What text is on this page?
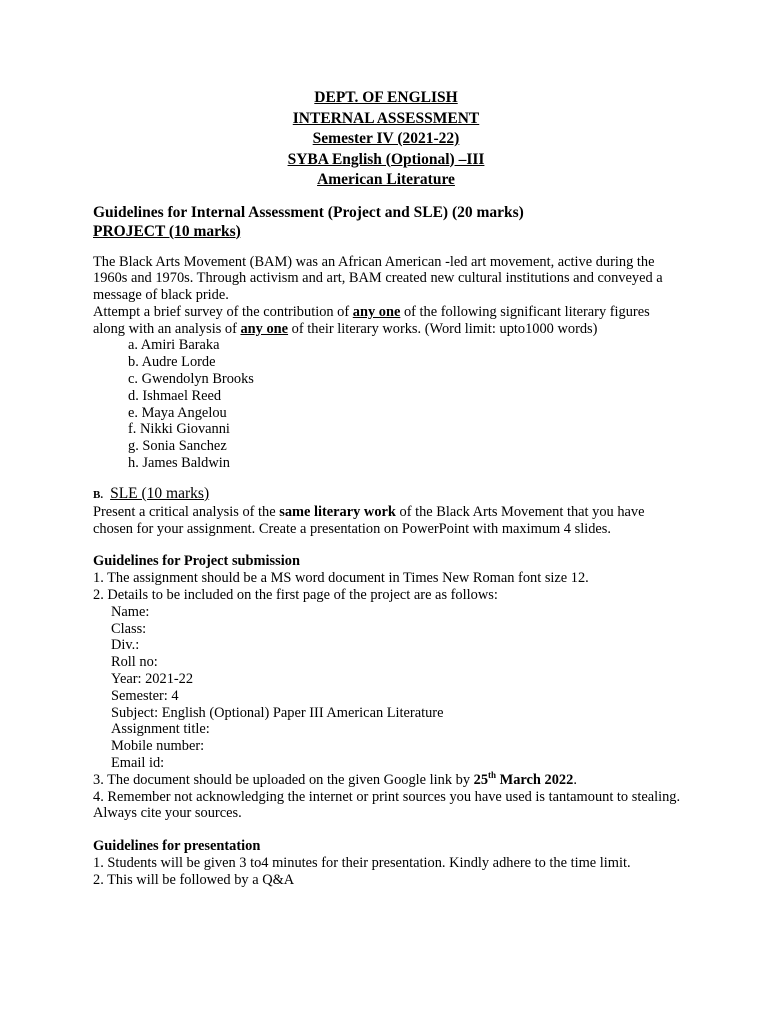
DEPT. OF ENGLISH
INTERNAL ASSESSMENT
Semester IV (2021-22)
SYBA English (Optional) –III
American Literature
Guidelines for Internal Assessment (Project and SLE) (20 marks)
PROJECT (10 marks)

The Black Arts Movement (BAM) was an African American -led art movement, active during the 1960s and 1970s. Through activism and art, BAM created new cultural institutions and conveyed a message of black pride.

Attempt a brief survey of the contribution of any one of the following significant literary figures along with an analysis of any one of their literary works. (Word limit: upto1000 words)

a. Amiri Baraka
b. Audre Lorde
c. Gwendolyn Brooks
d. Ishmael Reed
e. Maya Angelou
f. Nikki Giovanni
g. Sonia Sanchez
h. James Baldwin
B. SLE (10 marks)

Present a critical analysis of the same literary work of the Black Arts Movement that you have chosen for your assignment. Create a presentation on PowerPoint with maximum 4 slides.

Guidelines for Project submission

1. The assignment should be a MS word document in Times New Roman font size 12.

2. Details to be included on the first page of the project are as follows:

Name:
Class:
Div.:
Roll no:
Year: 2021-22
Semester: 4
Subject: English (Optional) Paper III American Literature
Assignment title:
Mobile number:
Email id:

3. The document should be uploaded on the given Google link by 25th March 2022.

4. Remember not acknowledging the internet or print sources you have used is tantamount to stealing. Always cite your sources.

Guidelines for presentation

1. Students will be given 3 to4 minutes for their presentation. Kindly adhere to the time limit.

2. This will be followed by a Q&A
